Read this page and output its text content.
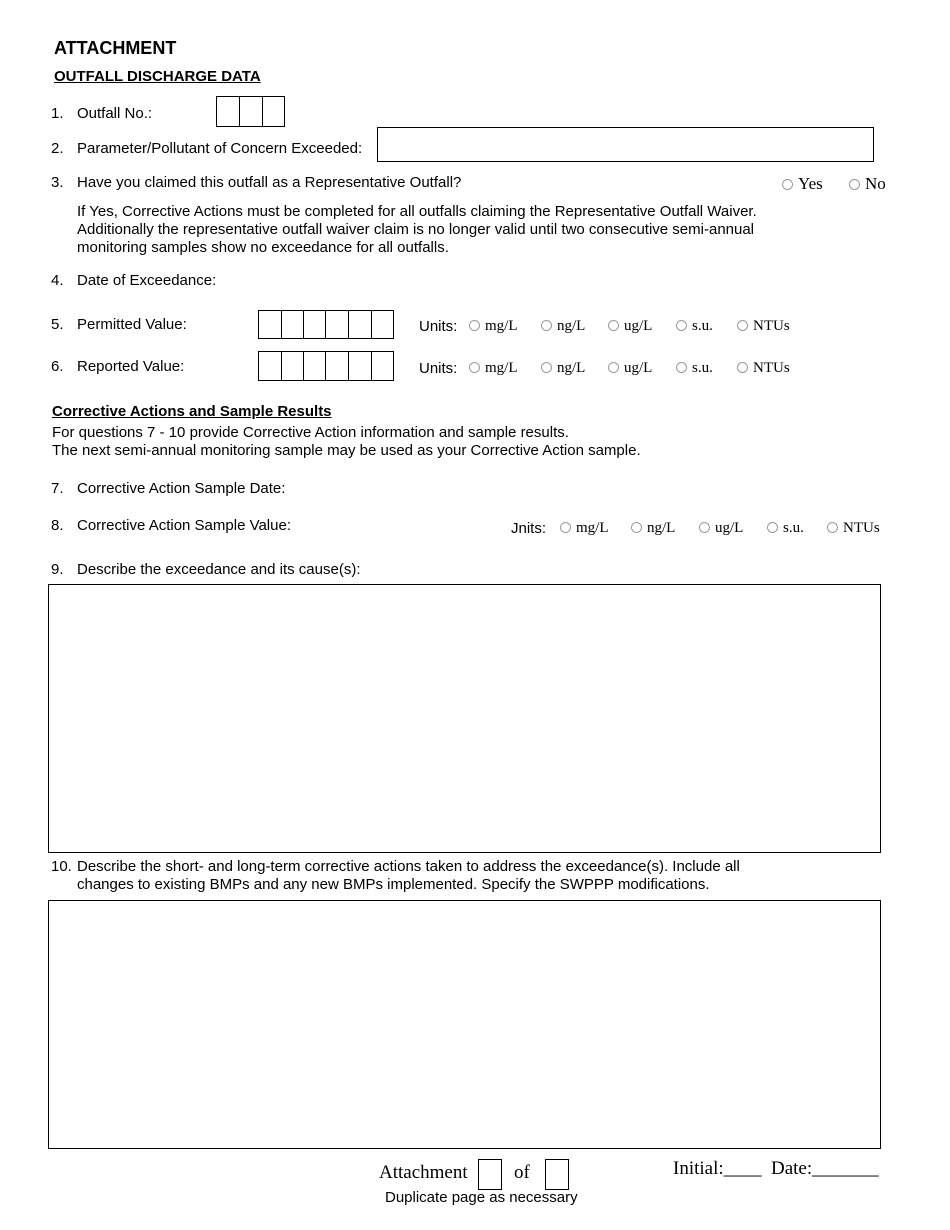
ATTACHMENT
OUTFALL DISCHARGE DATA
1. Outfall No.:
2. Parameter/Pollutant of Concern Exceeded:
3. Have you claimed this outfall as a Representative Outfall?	Yes	No
If Yes, Corrective Actions must be completed for all outfalls claiming the Representative Outfall Waiver.
Additionally the representative outfall waiver claim is no longer valid until two consecutive semi-annual
monitoring samples show no exceedance for all outfalls.
4. Date of Exceedance:
5. Permitted Value:	Units:	mg/L	ng/L	ug/L	s.u.	NTUs
6. Reported Value:	Units:	mg/L	ng/L	ug/L	s.u.	NTUs
Corrective Actions and Sample Results
For questions 7 - 10 provide Corrective Action information and sample results.
The next semi-annual monitoring sample may be used as your Corrective Action sample.
7. Corrective Action Sample Date:
8. Corrective Action Sample Value:	Jnits:	mg/L	ng/L	ug/L	s.u.	NTUs
9. Describe the exceedance and its cause(s):
10. Describe the short- and long-term corrective actions taken to address the exceedance(s). Include all
changes to existing BMPs and any new BMPs implemented. Specify the SWPPP modifications.
Attachment of	Initial:____ Date:_______
Duplicate page as necessary
